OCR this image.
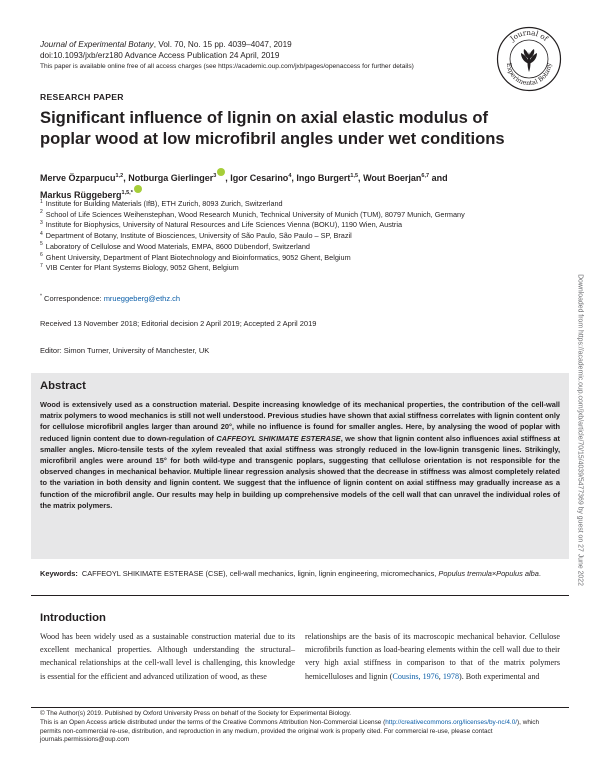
Journal of Experimental Botany, Vol. 70, No. 15 pp. 4039–4047, 2019
doi:10.1093/jxb/erz180 Advance Access Publication 24 April, 2019
This paper is available online free of all access charges (see https://academic.oup.com/jxb/pages/openaccess for further details)
Journal of
Experimental Botany
RESEARCH PAPER
Significant influence of lignin on axial elastic modulus of poplar wood at low microfibril angles under wet conditions
Merve Özparpucu$^{1,2}$, Notburga Gierlinger$^3$ , Igor Cesarino$^4$, Ingo Burgert$^{1,5}$, Wout Boerjan$^{6,7}$ and
Markus Rüggeberg$^{1,5,*}$
$^1$ Institute for Building Materials (IfB), ETH Zurich, 8093 Zurich, Switzerland
$^2$ School of Life Sciences Weihenstephan, Wood Research Munich, Technical University of Munich (TUM), 80797 Munich, Germany
$^3$ Institute for Biophysics, University of Natural Resources and Life Sciences Vienna (BOKU), 1190 Wien, Austria
$^4$ Department of Botany, Institute of Biosciences, University of São Paulo, São Paulo – SP, Brazil
$^5$ Laboratory of Cellulose and Wood Materials, EMPA, 8600 Dübendorf, Switzerland
$^6$ Ghent University, Department of Plant Biotechnology and Bioinformatics, 9052 Ghent, Belgium
$^7$ VIB Center for Plant Systems Biology, 9052 Ghent, Belgium
* Correspondence: mrueggeberg@ethz.ch
Received 13 November 2018; Editorial decision 2 April 2019; Accepted 2 April 2019
Editor: Simon Turner, University of Manchester, UK
Abstract
Wood is extensively used as a construction material. Despite increasing knowledge of its mechanical properties, the contribution of the cell-wall matrix polymers to wood mechanics is still not well understood. Previous studies have shown that axial stiffness correlates with lignin content only for cellulose microfibril angles larger than around 20°, while no influence is found for smaller angles. Here, by analysing the wood of poplar with reduced lignin content due to down-regulation of CAFFEOYL SHIKIMATE ESTERASE, we show that lignin content also influences axial stiffness at smaller angles. Micro-tensile tests of the xylem revealed that axial stiffness was strongly reduced in the low-lignin transgenic lines. Strikingly, microfibril angles were around 15° for both wild-type and transgenic poplars, suggesting that cellulose orientation is not responsible for the observed changes in mechanical behavior. Multiple linear regression analysis showed that the decrease in stiffness was almost completely related to the variation in both density and lignin content. We suggest that the influence of lignin content on axial stiffness may gradually increase as a function of the microfibril angle. Our results may help in building up comprehensive models of the cell wall that can unravel the individual roles of the matrix polymers.
Keywords: CAFFEOYL SHIKIMATE ESTERASE (CSE), cell-wall mechanics, lignin, lignin engineering, micromechanics, Populus tremula×Populus alba.
Introduction
Wood has been widely used as a sustainable construction material due to its excellent mechanical properties. Although understanding the structural–mechanical relationships at the cell-wall level is challenging, this knowledge is essential for the efficient and advanced utilization of wood, as these
relationships are the basis of its macroscopic mechanical behavior. Cellulose microfibrils function as load-bearing elements within the cell wall due to their very high axial stiffness in comparison to that of the matrix polymers hemicelluloses and lignin (Cousins, 1976, 1978). Both experimental and
© The Author(s) 2019. Published by Oxford University Press on behalf of the Society for Experimental Biology.
This is an Open Access article distributed under the terms of the Creative Commons Attribution Non-Commercial License (http://creativecommons.org/licenses/by-nc/4.0/), which permits non-commercial re-use, distribution, and reproduction in any medium, provided the original work is properly cited. For commercial re-use, please contact journals.permissions@oup.com
Downloaded from https://academic.oup.com/jxb/article/70/15/4039/5477369 by guest on 27 June 2022
